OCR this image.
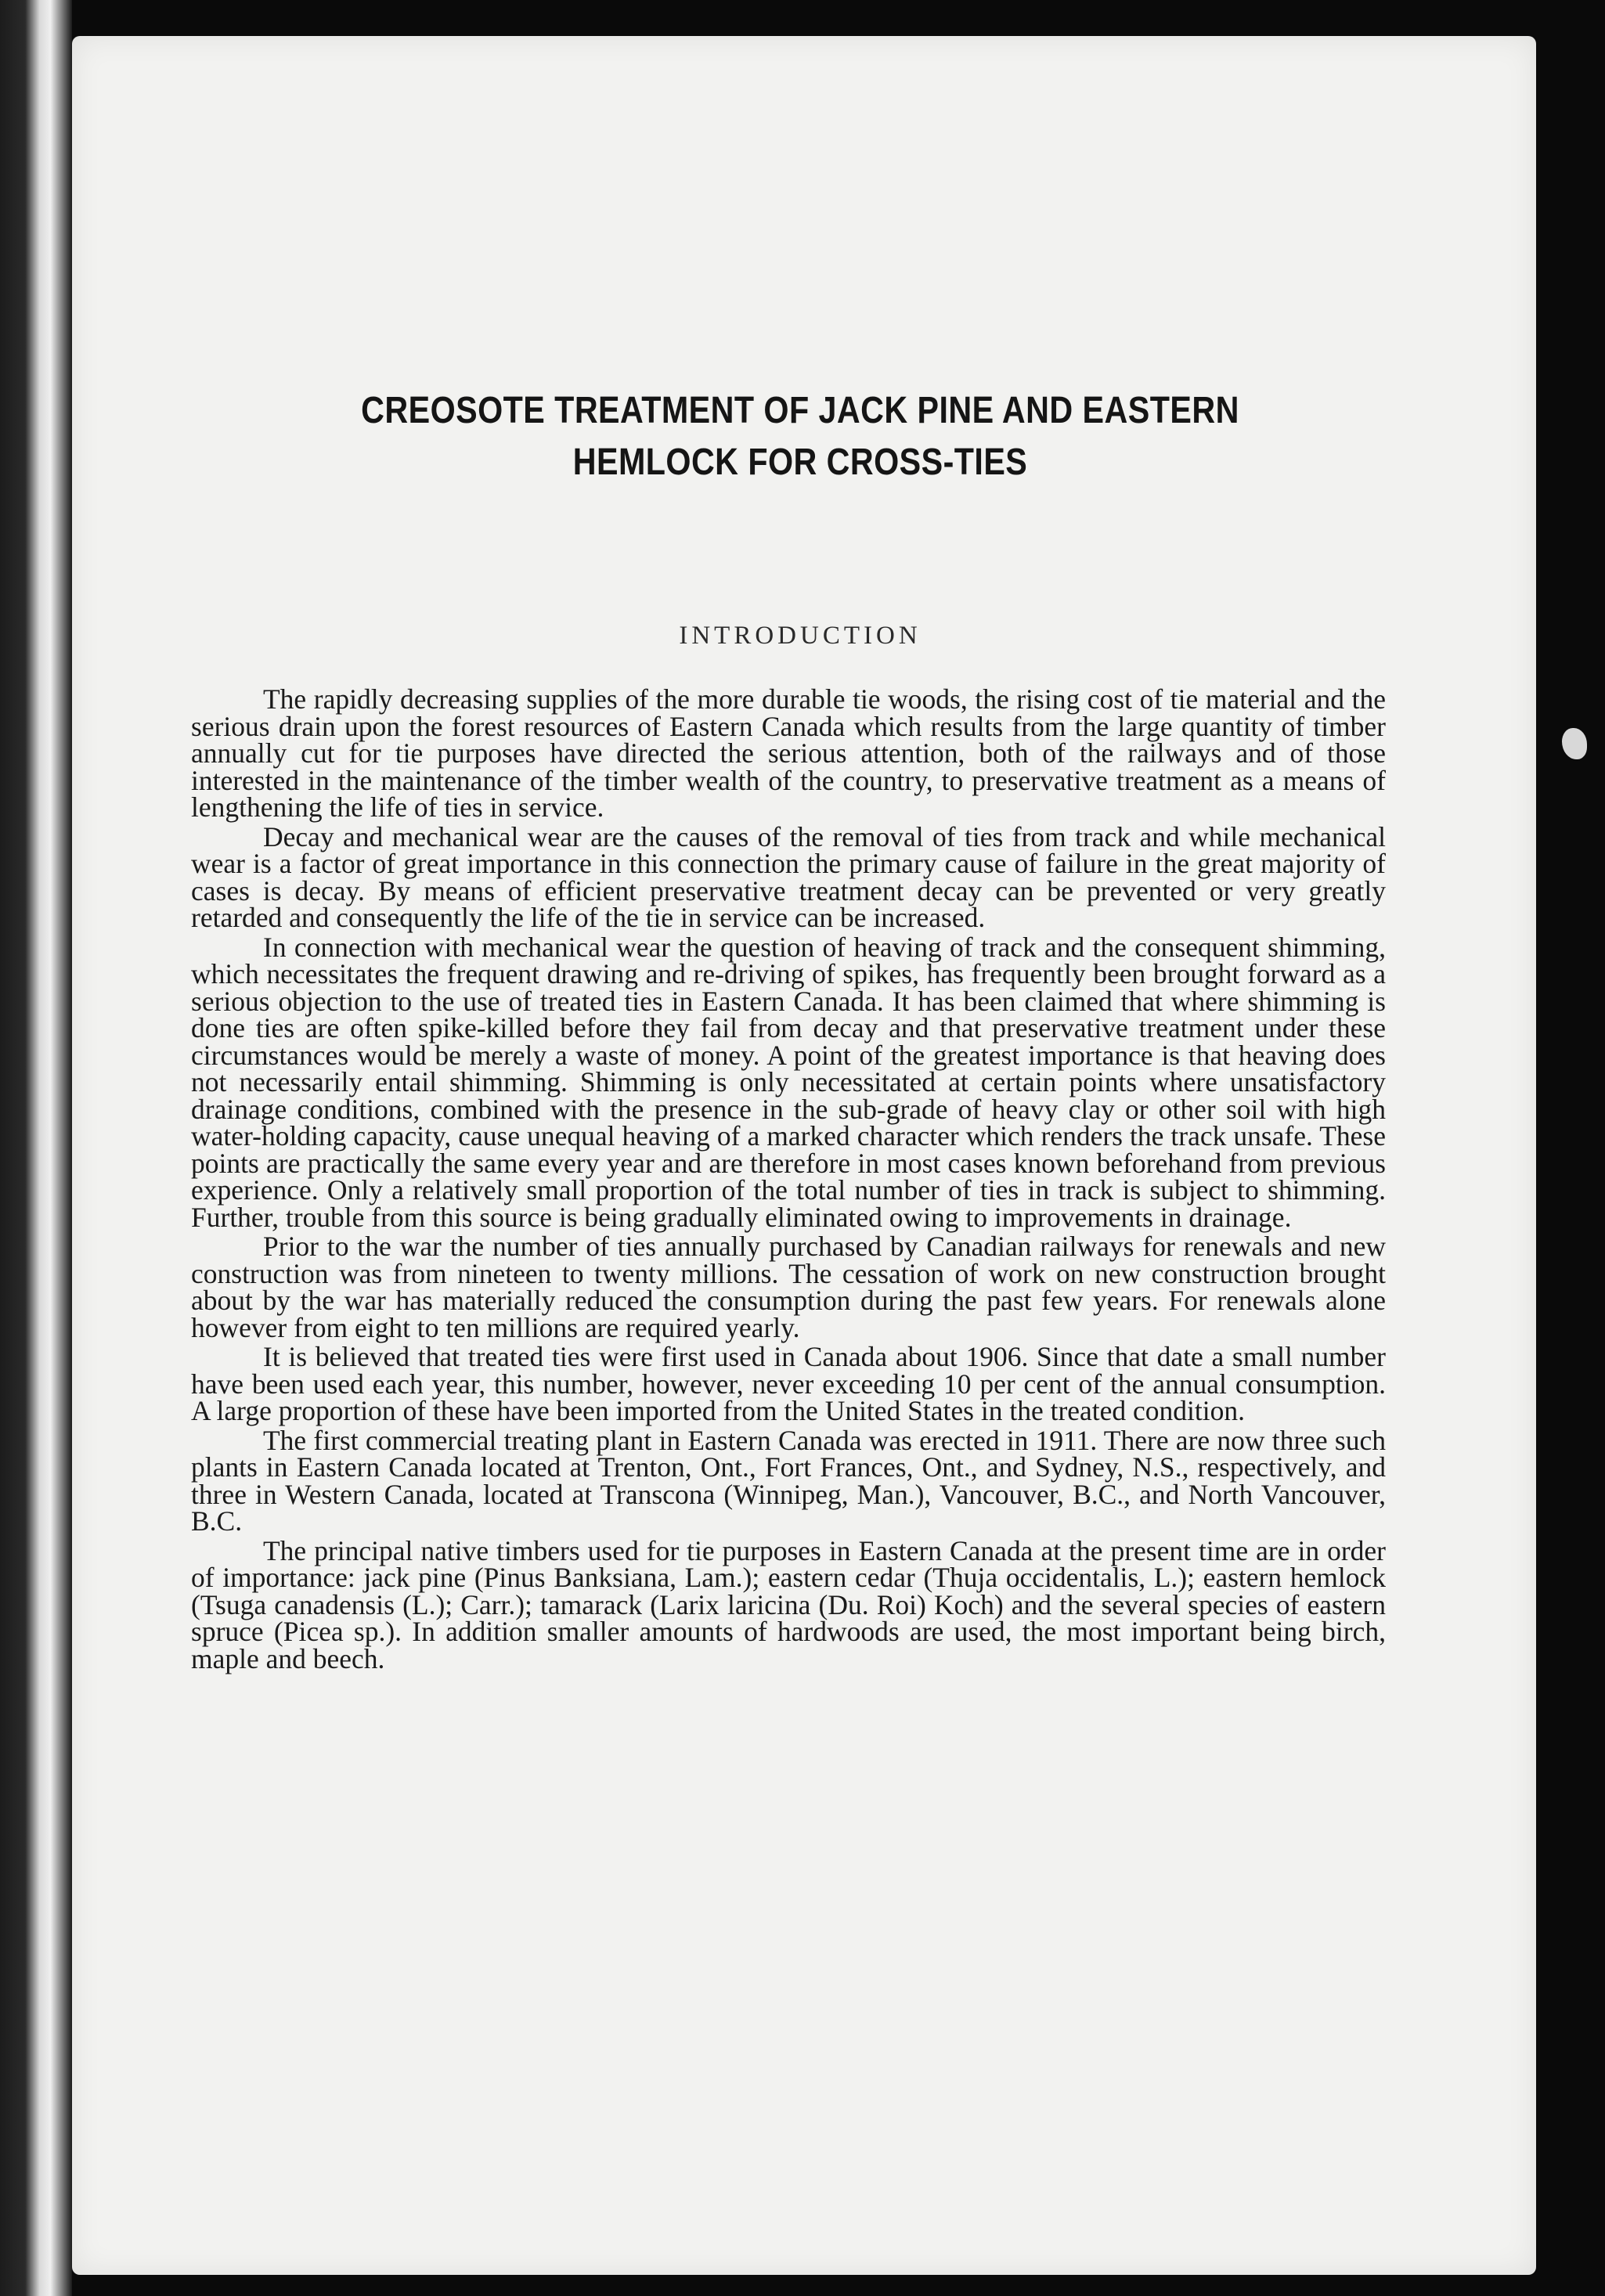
CREOSOTE TREATMENT OF JACK PINE AND EASTERN HEMLOCK FOR CROSS-TIES
INTRODUCTION

The rapidly decreasing supplies of the more durable tie woods, the rising cost of tie material and the serious drain upon the forest resources of Eastern Canada which results from the large quantity of timber annually cut for tie purposes have directed the serious attention, both of the railways and of those interested in the maintenance of the timber wealth of the country, to preservative treatment as a means of lengthening the life of ties in service.

Decay and mechanical wear are the causes of the removal of ties from track and while mechanical wear is a factor of great importance in this connection the primary cause of failure in the great majority of cases is decay. By means of efficient preservative treatment decay can be prevented or very greatly retarded and consequently the life of the tie in service can be increased.

In connection with mechanical wear the question of heaving of track and the consequent shimming, which necessitates the frequent drawing and re-driving of spikes, has frequently been brought forward as a serious objection to the use of treated ties in Eastern Canada. It has been claimed that where shimming is done ties are often spike-killed before they fail from decay and that preservative treatment under these circumstances would be merely a waste of money. A point of the greatest importance is that heaving does not necessarily entail shimming. Shimming is only necessitated at certain points where unsatisfactory drainage conditions, combined with the presence in the sub-grade of heavy clay or other soil with high water-holding capacity, cause unequal heaving of a marked character which renders the track unsafe. These points are practically the same every year and are therefore in most cases known beforehand from previous experience. Only a relatively small proportion of the total number of ties in track is subject to shimming. Further, trouble from this source is being gradually eliminated owing to improvements in drainage.

Prior to the war the number of ties annually purchased by Canadian railways for renewals and new construction was from nineteen to twenty millions. The cessation of work on new construction brought about by the war has materially reduced the consumption during the past few years. For renewals alone however from eight to ten millions are required yearly.

It is believed that treated ties were first used in Canada about 1906. Since that date a small number have been used each year, this number, however, never exceeding 10 per cent of the annual consumption. A large proportion of these have been imported from the United States in the treated condition.

The first commercial treating plant in Eastern Canada was erected in 1911. There are now three such plants in Eastern Canada located at Trenton, Ont., Fort Frances, Ont., and Sydney, N.S., respectively, and three in Western Canada, located at Transcona (Winnipeg, Man.), Vancouver, B.C., and North Vancouver, B.C.

The principal native timbers used for tie purposes in Eastern Canada at the present time are in order of importance: jack pine (Pinus Banksiana, Lam.); eastern cedar (Thuja occidentalis, L.); eastern hemlock (Tsuga canadensis (L.); Carr.); tamarack (Larix laricina (Du. Roi) Koch) and the several species of eastern spruce (Picea sp.). In addition smaller amounts of hardwoods are used, the most important being birch, maple and beech.
